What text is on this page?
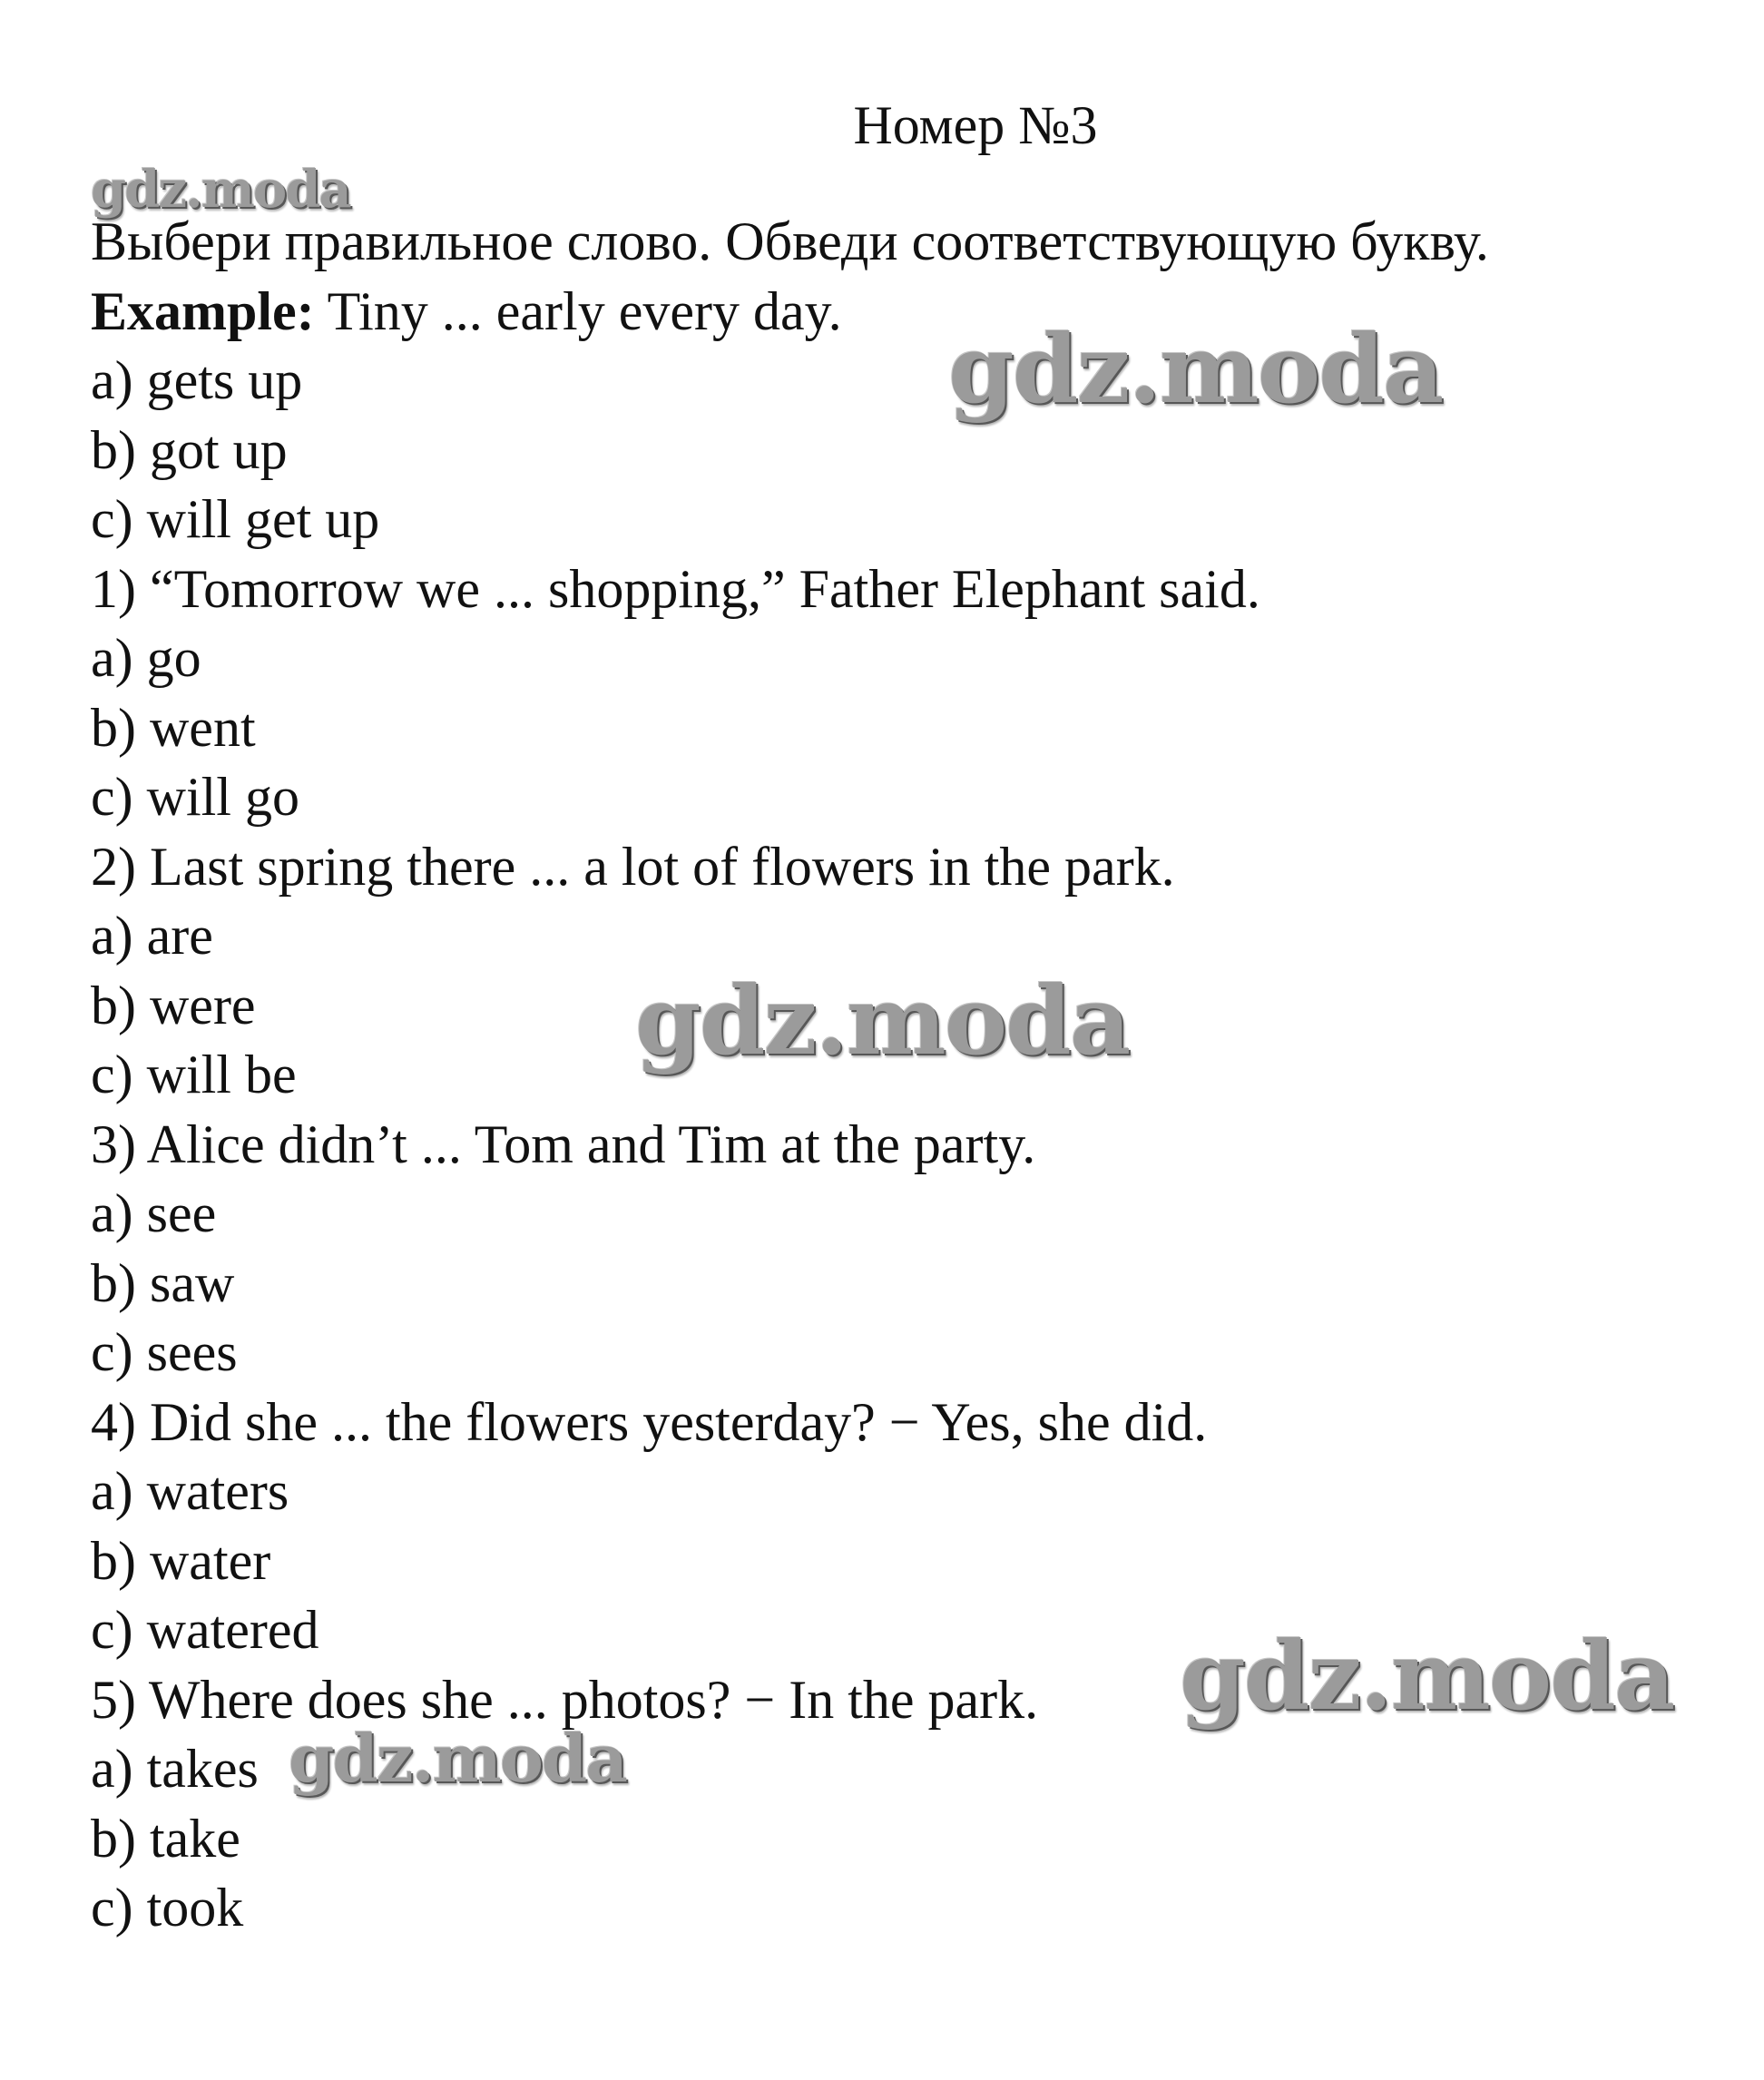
Номер №3
Выбери правильное слово. Обведи соответствующую букву.
Example: Tiny ... early every day.
a) gets up
b) got up
c) will get up
1) “Tomorrow we ... shopping,” Father Elephant said.
a) go
b) went
c) will go
2) Last spring there ... a lot of flowers in the park.
a) are
b) were
c) will be
3) Alice didn’t ... Tom and Tim at the party.
a) see
b) saw
c) sees
4) Did she ... the flowers yesterday? − Yes, she did.
a) waters
b) water
c) watered
5) Where does she ... photos? − In the park.
a) takes
b) take
c) took
gdz.moda
gdz.moda
gdz.moda
gdz.moda
gdz.moda
